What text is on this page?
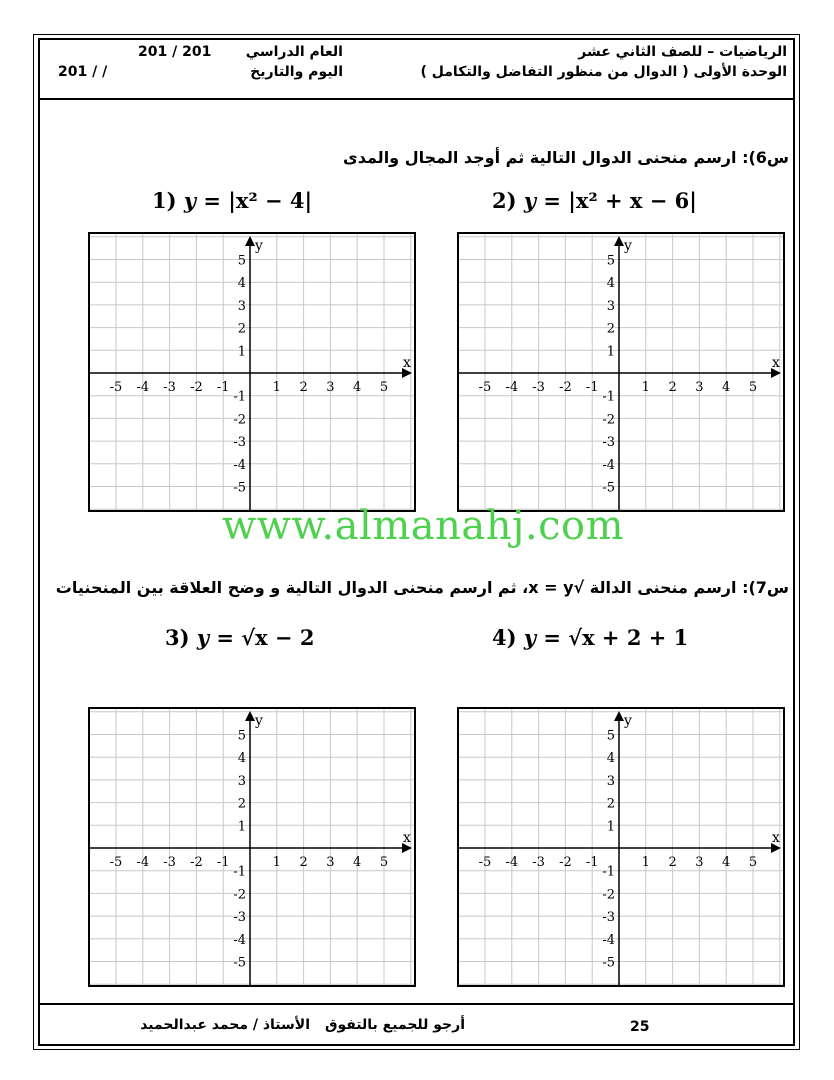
الرياضيات – للصف الثاني عشر
الوحدة الأولى ( الدوال من منظور التفاضل والتكامل )
العام الدراسي
201 / 201
اليوم والتاريخ
201 / /
س6): ارسم منحنى الدوال التالية ثم أوجد المجال والمدى
1) y = |x² − 4|	2) y = |x² + x − 6|
x
y
-5 -4 -3 -2 -1	1 2 3 4 5
5
4
3
2
1
-1
-2
-3
-4
-5
x
y
-5 -4 -3 -2 -1	1 2 3 4 5
5
4
3
2
1
-1
-2
-3
-4
-5
www.almanahj.com
س7): ارسم منحنى الدالة √x = y، ثم ارسم منحنى الدوال التالية و وضح العلاقة بين المنحنيات
3) y = √x − 2	4) y = √x + 2 + 1
x
y
-5 -4 -3 -2 -1	1 2 3 4 5
5
4
3
2
1
-1
-2
-3
-4
-5
x
y
-5 -4 -3 -2 -1	1 2 3 4 5
5
4
3
2
1
-1
-2
-3
-4
-5
25
أرجو للجميع بالتفوق
الأستاذ / محمد عبدالحميد
